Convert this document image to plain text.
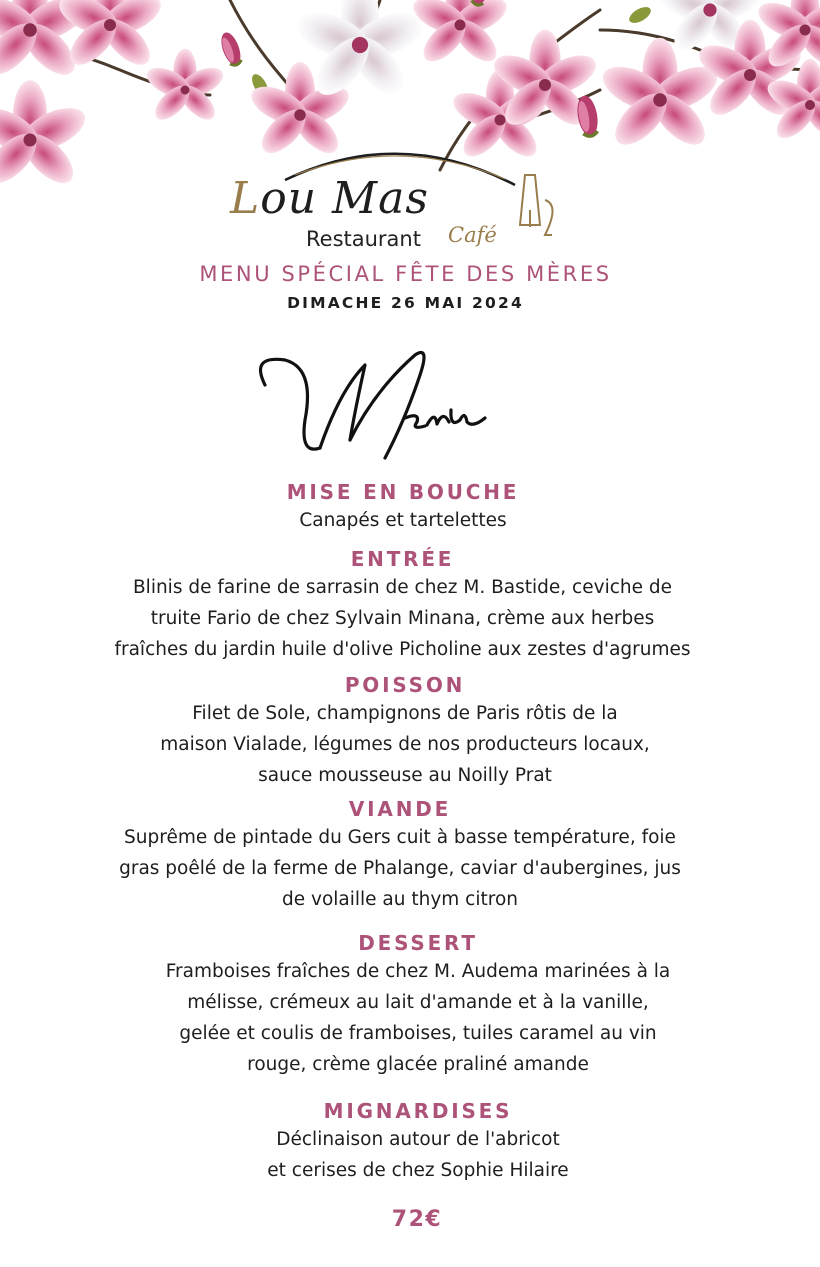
Lou Mas
Restaurant Café
MENU SPÉCIAL FÊTE DES MÈRES
DIMACHE 26 MAI 2024
Menu
MISE EN BOUCHE
Canapés et tartelettes
ENTRÉE
Blinis de farine de sarrasin de chez M. Bastide, ceviche de
truite Fario de chez Sylvain Minana, crème aux herbes
fraîches du jardin huile d'olive Picholine aux zestes d'agrumes
POISSON
Filet de Sole, champignons de Paris rôtis de la
maison Vialade, légumes de nos producteurs locaux,
sauce mousseuse au Noilly Prat
VIANDE
Suprême de pintade du Gers cuit à basse température, foie
gras poêlé de la ferme de Phalange, caviar d'aubergines, jus
de volaille au thym citron
DESSERT
Framboises fraîches de chez M. Audema marinées à la
mélisse, crémeux au lait d'amande et à la vanille,
gelée et coulis de framboises, tuiles caramel au vin
rouge, crème glacée praliné amande
MIGNARDISES
Déclinaison autour de l'abricot
et cerises de chez Sophie Hilaire
72€
